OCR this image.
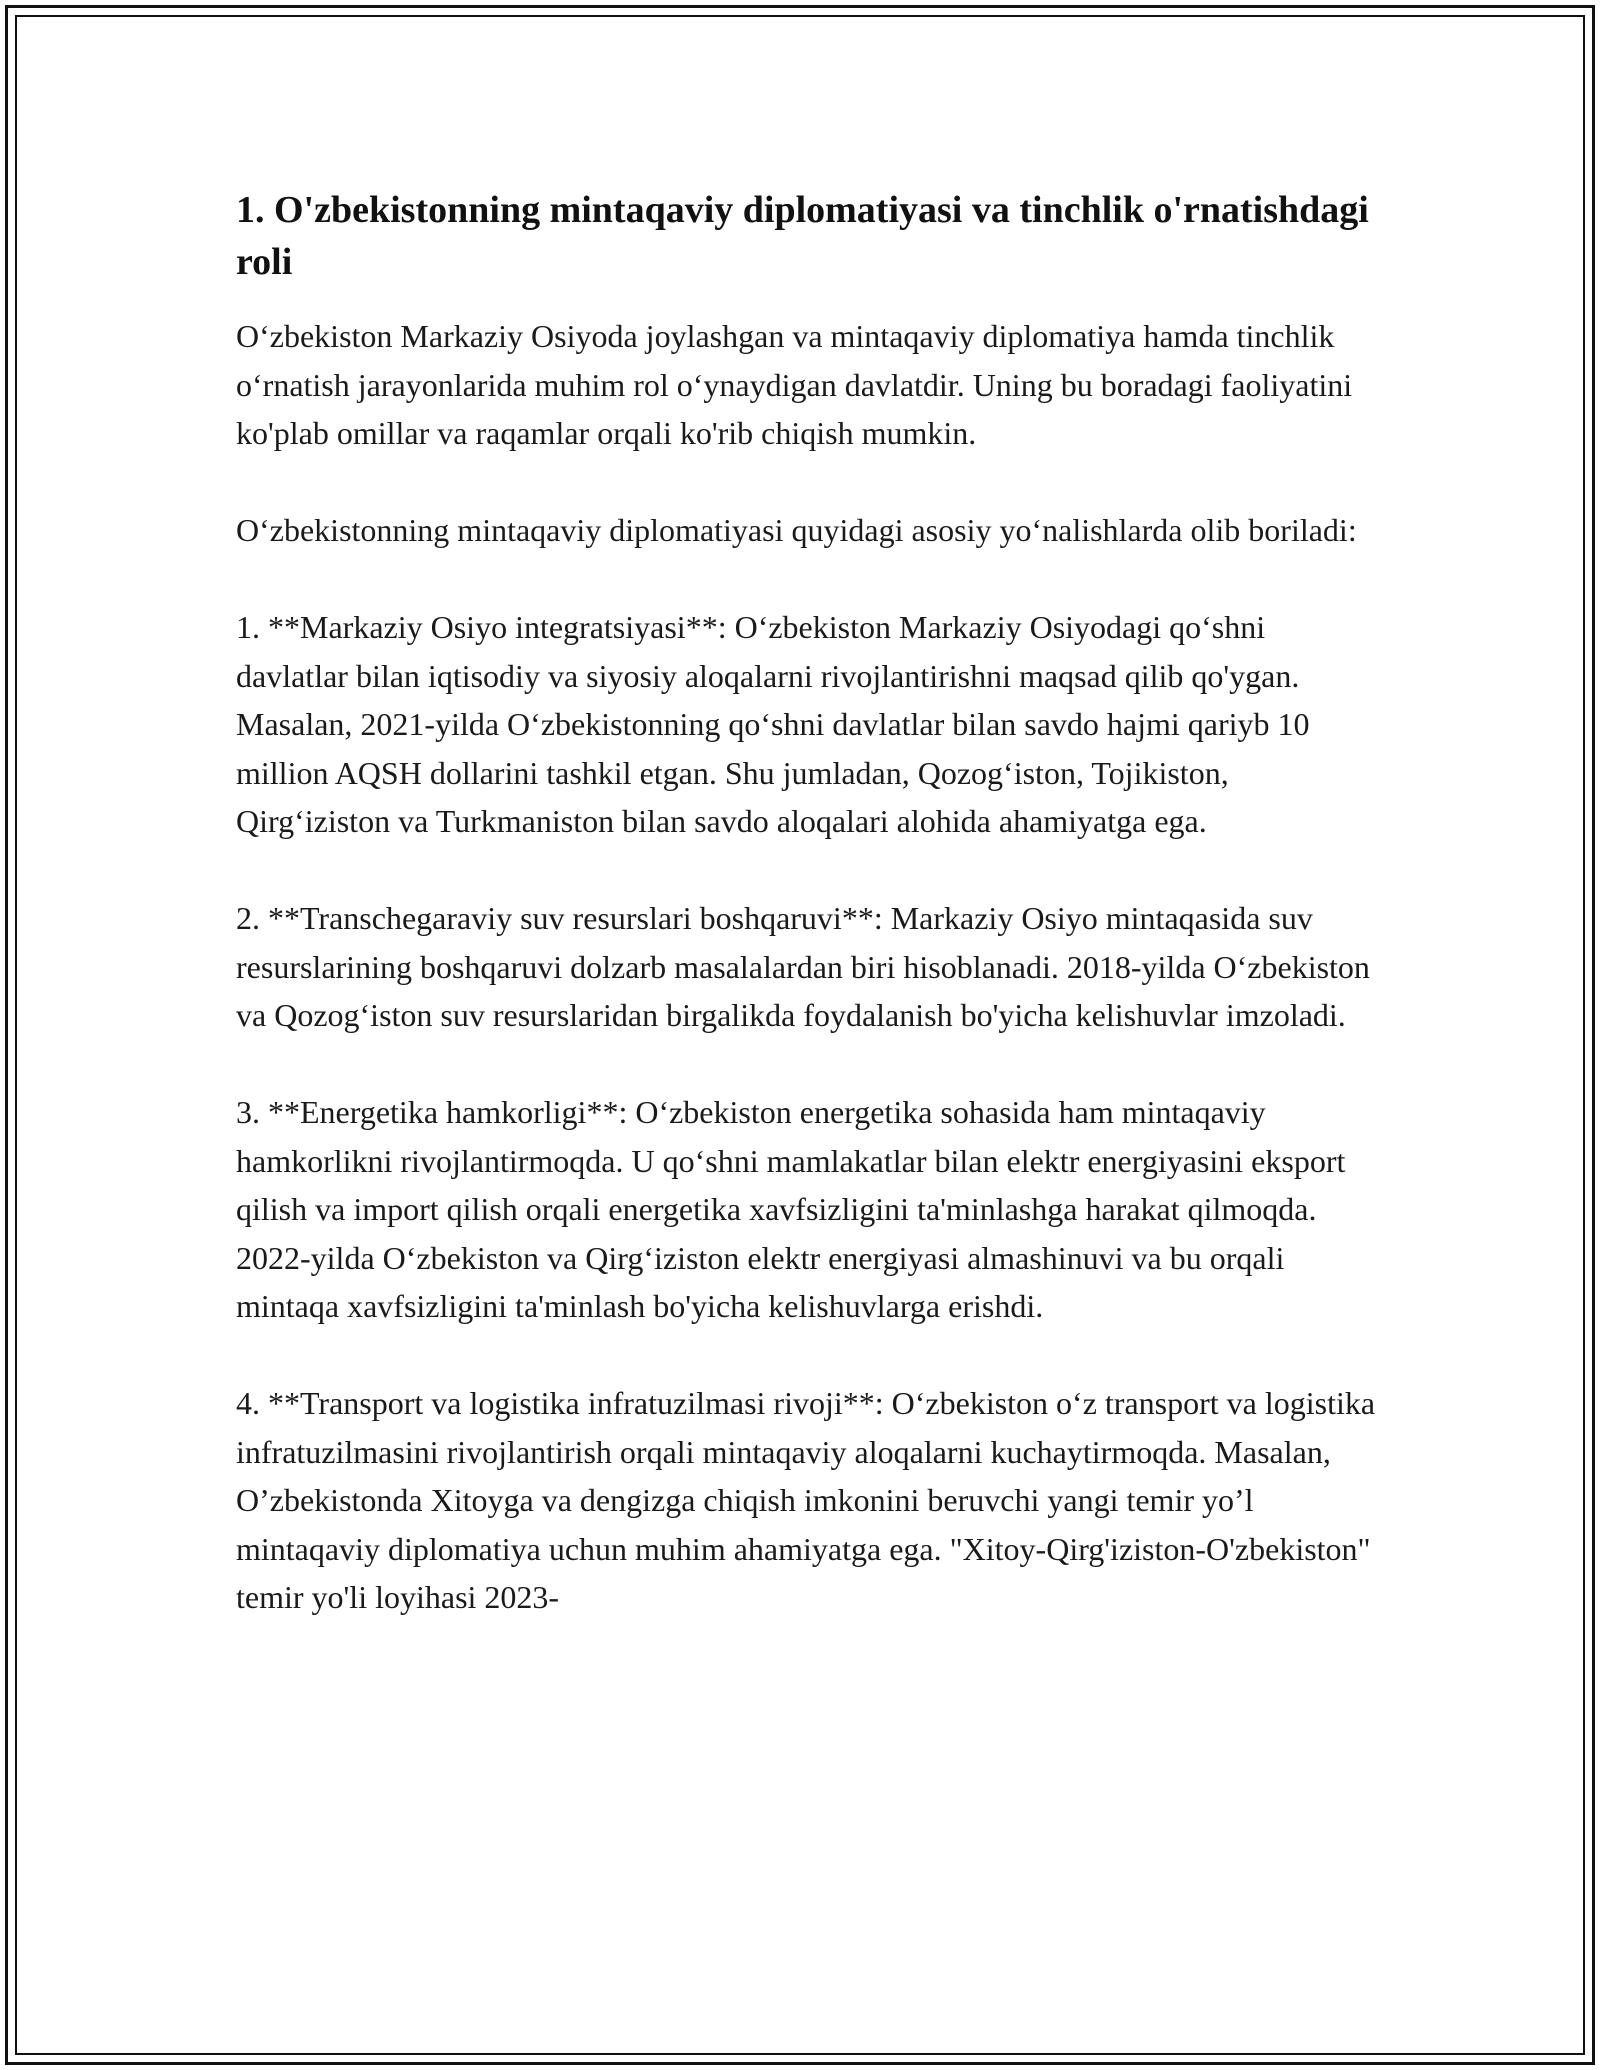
1. O'zbekistonning mintaqaviy diplomatiyasi va tinchlik o'rnatishdagi roli

O‘zbekiston Markaziy Osiyoda joylashgan va mintaqaviy diplomatiya hamda tinchlik o‘rnatish jarayonlarida muhim rol o‘ynaydigan davlatdir. Uning bu boradagi faoliyatini ko'plab omillar va raqamlar orqali ko'rib chiqish mumkin.

O‘zbekistonning mintaqaviy diplomatiyasi quyidagi asosiy yo‘nalishlarda olib boriladi:

1. **Markaziy Osiyo integratsiyasi**: O‘zbekiston Markaziy Osiyodagi qo‘shni davlatlar bilan iqtisodiy va siyosiy aloqalarni rivojlantirishni maqsad qilib qo'ygan. Masalan, 2021-yilda O‘zbekistonning qo‘shni davlatlar bilan savdo hajmi qariyb 10 million AQSH dollarini tashkil etgan. Shu jumladan, Qozog‘iston, Tojikiston, Qirg‘iziston va Turkmaniston bilan savdo aloqalari alohida ahamiyatga ega.

2. **Transchegaraviy suv resurslari boshqaruvi**: Markaziy Osiyo mintaqasida suv resurslarining boshqaruvi dolzarb masalalardan biri hisoblanadi. 2018-yilda O‘zbekiston va Qozog‘iston suv resurslaridan birgalikda foydalanish bo'yicha kelishuvlar imzoladi.

3. **Energetika hamkorligi**: O‘zbekiston energetika sohasida ham mintaqaviy hamkorlikni rivojlantirmoqda. U qo‘shni mamlakatlar bilan elektr energiyasini eksport qilish va import qilish orqali energetika xavfsizligini ta'minlashga harakat qilmoqda. 2022-yilda O‘zbekiston va Qirg‘iziston elektr energiyasi almashinuvi va bu orqali mintaqa xavfsizligini ta'minlash bo'yicha kelishuvlarga erishdi.

4. **Transport va logistika infratuzilmasi rivoji**: O‘zbekiston o‘z transport va logistika infratuzilmasini rivojlantirish orqali mintaqaviy aloqalarni kuchaytirmoqda. Masalan, O’zbekistonda Xitoyga va dengizga chiqish imkonini beruvchi yangi temir yo’l mintaqaviy diplomatiya uchun muhim ahamiyatga ega. "Xitoy-Qirg'iziston-O'zbekiston" temir yo'li loyihasi 2023-
